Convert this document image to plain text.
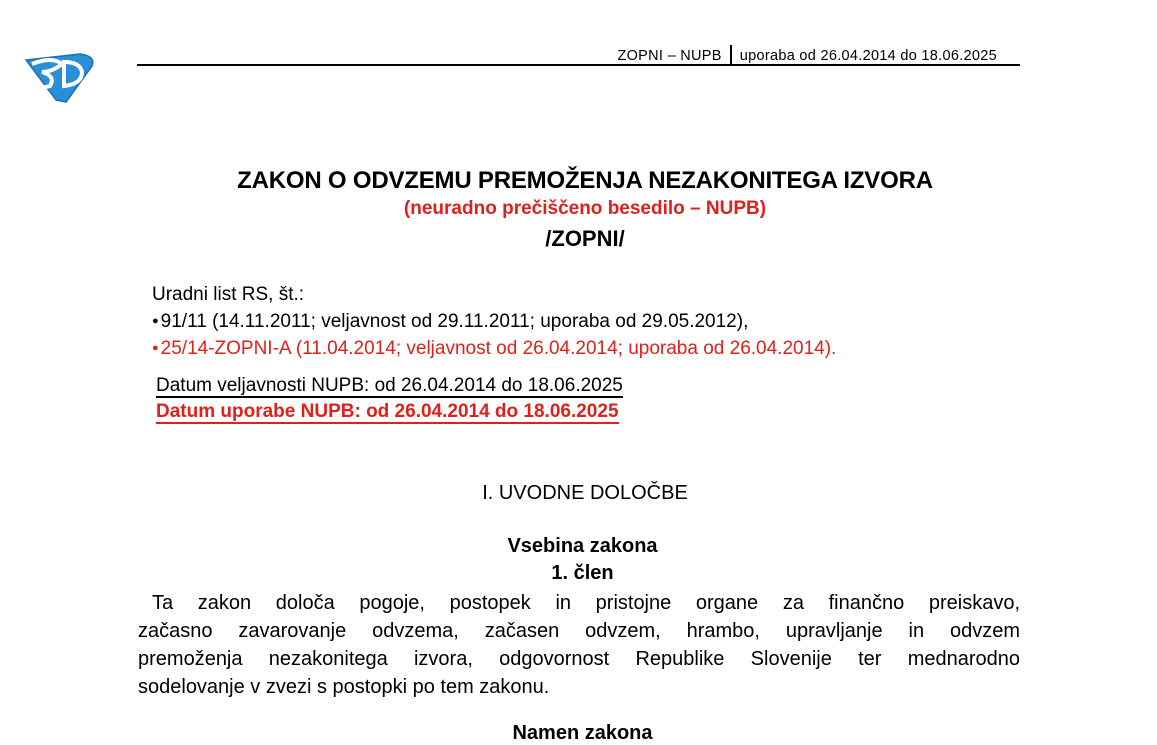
ZOPNI – NUPB uporaba od 26.04.2014 do 18.06.2025
ZAKON O ODVZEMU PREMOŽENJA NEZAKONITEGA IZVORA
(neuradno prečiščeno besedilo – NUPB)
/ZOPNI/
Uradni list RS, št.:
● 91/11 (14.11.2011; veljavnost od 29.11.2011; uporaba od 29.05.2012),
● 25/14-ZOPNI-A (11.04.2014; veljavnost od 26.04.2014; uporaba od 26.04.2014).
Datum veljavnosti NUPB: od 26.04.2014 do 18.06.2025
Datum uporabe NUPB: od 26.04.2014 do 18.06.2025
I. UVODNE DOLOČBE
Vsebina zakona
1. člen
Ta zakon določa pogoje, postopek in pristojne organe za finančno preiskavo,
začasno zavarovanje odvzema, začasen odvzem, hrambo, upravljanje in odvzem
premoženja nezakonitega izvora, odgovornost Republike Slovenije ter mednarodno
sodelovanje v zvezi s postopki po tem zakonu.
Namen zakona
